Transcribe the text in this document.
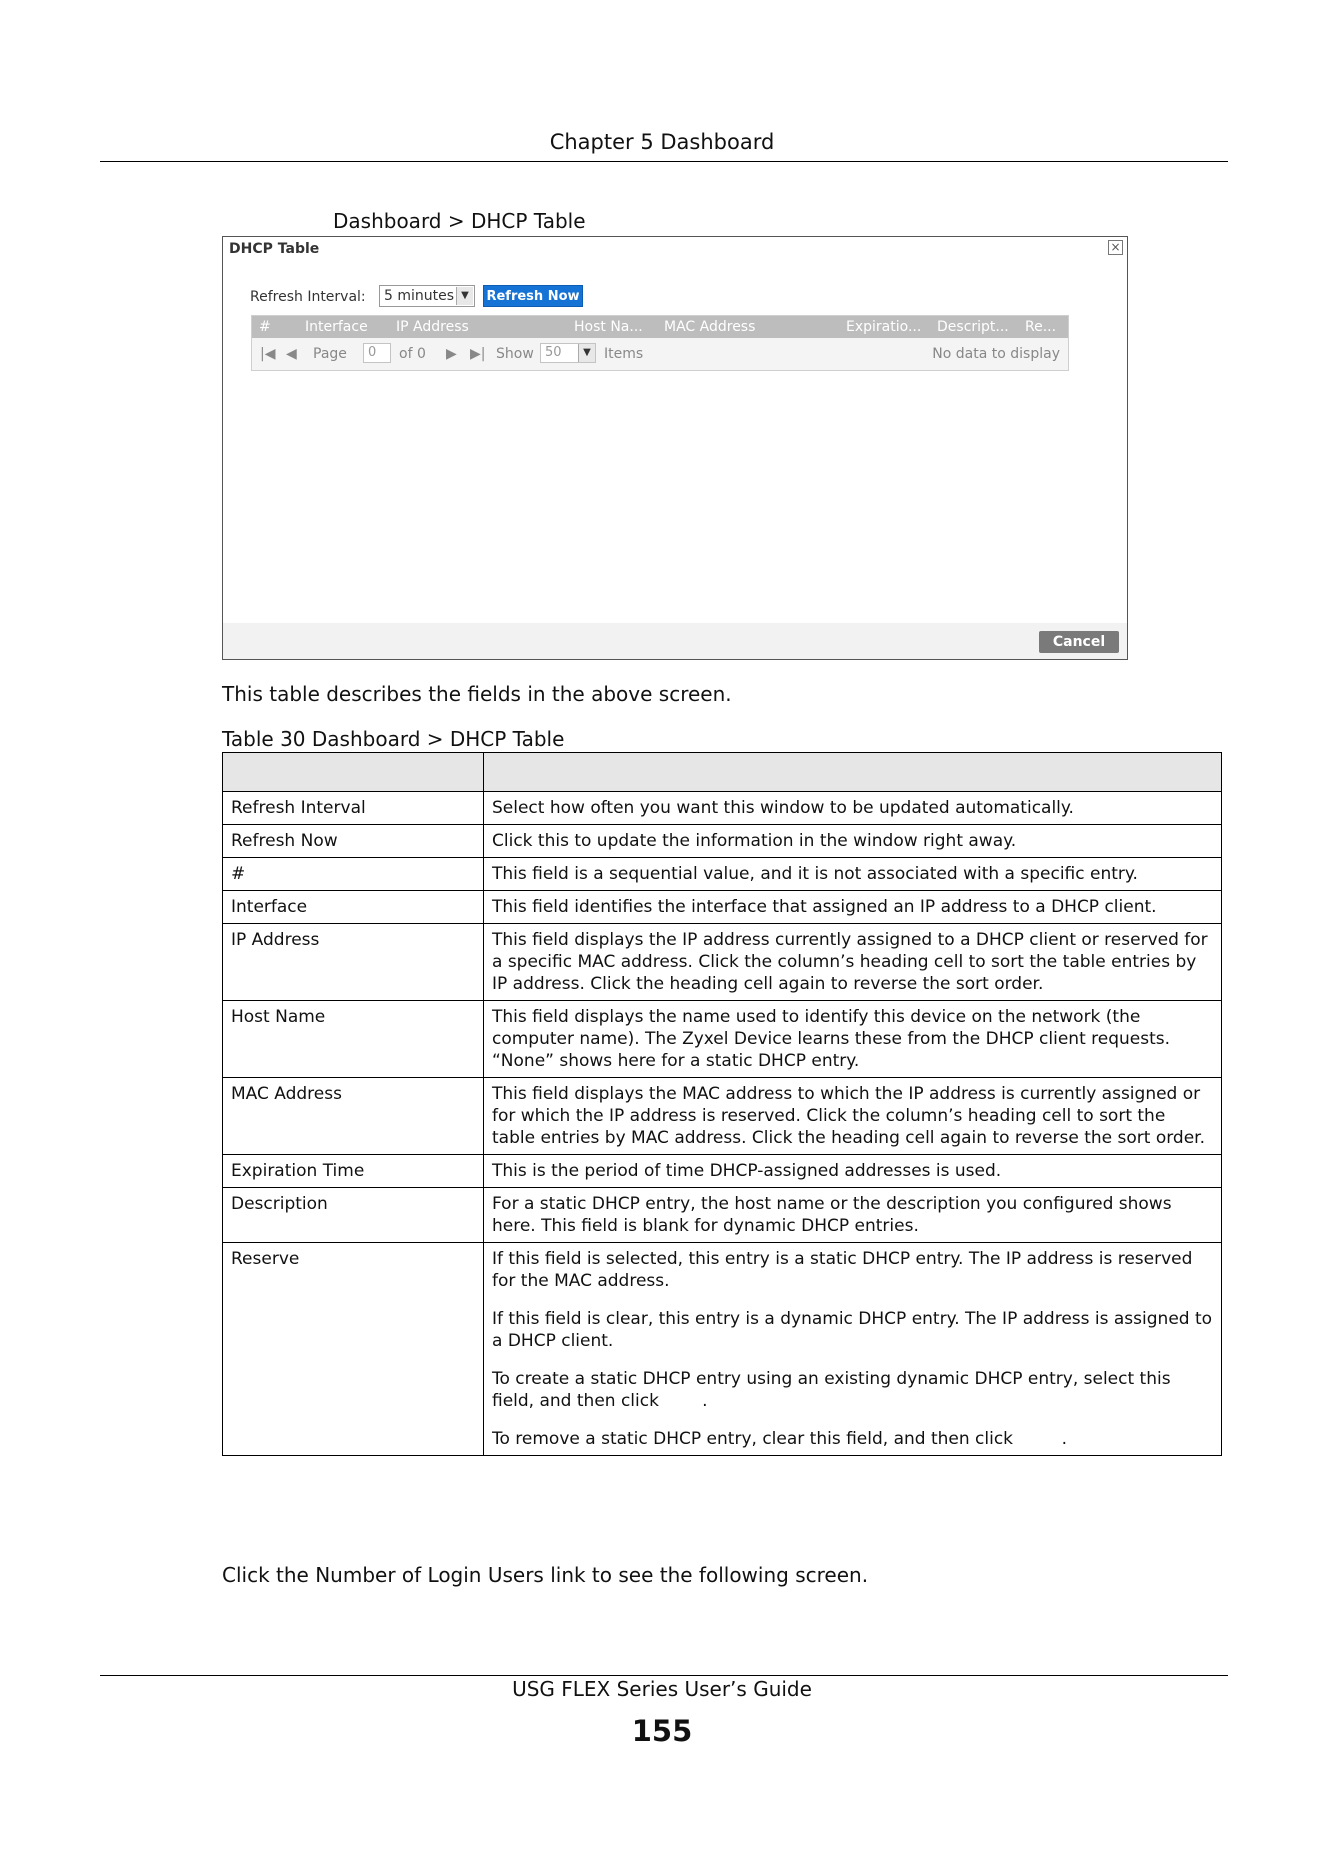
Chapter 5 Dashboard
Dashboard > DHCP Table
DHCP Table	×
Refresh Interval:	5 minutes ▼	Refresh Now
# Interface IP Address	Host Na... MAC Address	Expiratio... Descript... Re...
|◀ ◀ Page	0	of 0 ▶ ▶| Show 50	▼ Items	No data to display
Cancel
This table describes the fields in the above screen.
Table 30 Dashboard > DHCP Table

Refresh Interval	Select how often you want this window to be updated automatically.

Refresh Now	Click this to update the information in the window right away.

#	This field is a sequential value, and it is not associated with a specific entry.

Interface	This field identifies the interface that assigned an IP address to a DHCP client.

IP Address	This field displays the IP address currently assigned to a DHCP client or reserved for a specific MAC address. Click the column’s heading cell to sort the table entries by IP address. Click the heading cell again to reverse the sort order.

Host Name	This field displays the name used to identify this device on the network (the computer name). The Zyxel Device learns these from the DHCP client requests. “None” shows here for a static DHCP entry.

MAC Address	This field displays the MAC address to which the IP address is currently assigned or for which the IP address is reserved. Click the column’s heading cell to sort the table entries by MAC address. Click the heading cell again to reverse the sort order.

Expiration Time	This is the period of time DHCP-assigned addresses is used.

Description	For a static DHCP entry, the host name or the description you configured shows here. This field is blank for dynamic DHCP entries.

Reserve	If this field is selected, this entry is a static DHCP entry. The IP address is reserved for the MAC address.

If this field is clear, this entry is a dynamic DHCP entry. The IP address is assigned to a DHCP client.

To create a static DHCP entry using an existing dynamic DHCP entry, select this field, and then click        .

To remove a static DHCP entry, clear this field, and then click         .

Click the Number of Login Users link to see the following screen.
USG FLEX Series User’s Guide
155
